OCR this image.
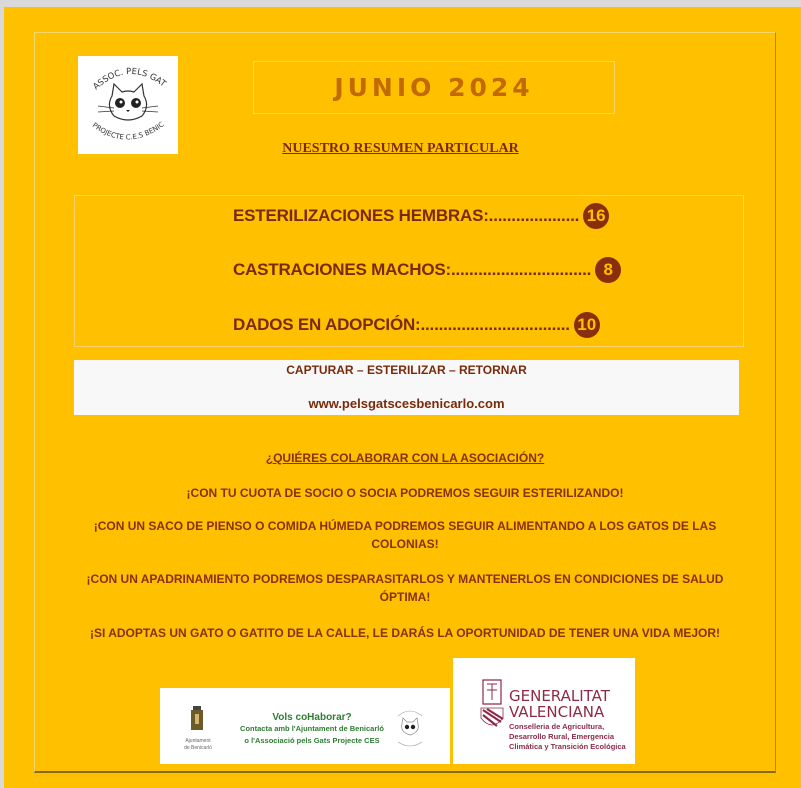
ASSOC. PELS GAT
PROJECTE C.E.S BENIC
JUNIO 2024
NUESTRO RESUMEN PARTICULAR
ESTERILIZACIONES HEMBRAS:.................... 16
CASTRACIONES MACHOS:............................... 8
DADOS EN ADOPCIÓN:................................. 10
CAPTURAR – ESTERILIZAR – RETORNAR
www.pelsgatscesbenicarlo.com
¿QUIÉRES COLABORAR CON LA ASOCIACIÓN?
¡CON TU CUOTA DE SOCIO O SOCIA PODREMOS SEGUIR ESTERILIZANDO!
¡CON UN SACO DE PIENSO O COMIDA HÚMEDA PODREMOS SEGUIR ALIMENTANDO A LOS GATOS DE LAS COLONIAS!
¡CON UN APADRINAMIENTO PODREMOS DESPARASITARLOS Y MANTENERLOS EN CONDICIONES DE SALUD ÓPTIMA!
¡SI ADOPTAS UN GATO O GATITO DE LA CALLE, LE DARÁS LA OPORTUNIDAD DE TENER UNA VIDA MEJOR!
Ajuntament
de Benicarló
Vols coHaborar?
Contacta amb l'Ajuntament de Benicarló
o l'Associació pels Gats Projecte CES
GENERALITAT
VALENCIANA
Conselleria de Agricultura,
Desarrollo Rural, Emergencia
Climática y Transición Ecológica
